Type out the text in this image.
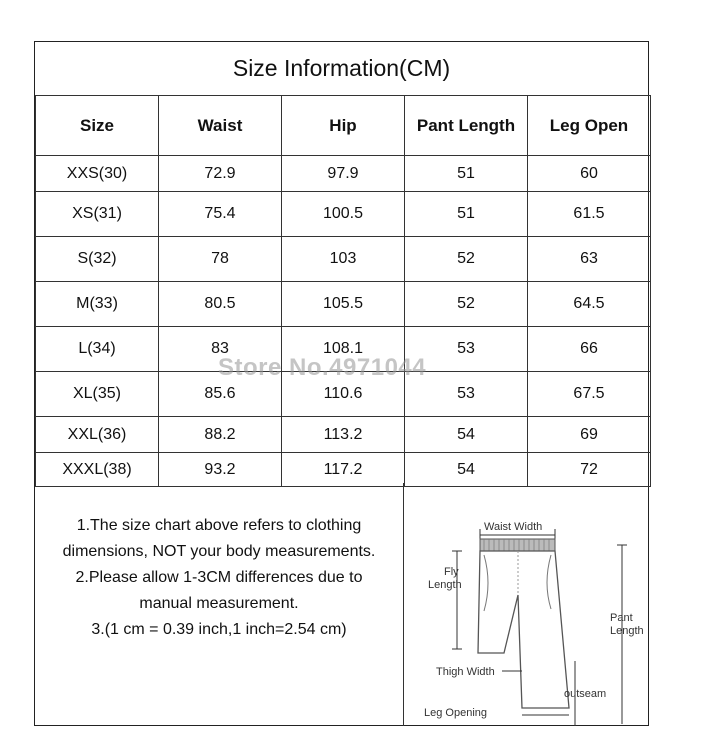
Size Information(CM)
Size	Waist	Hip	Pant Length	Leg Open
XXS(30)	72.9	97.9	51	60
XS(31)	75.4	100.5	51	61.5
S(32)	78	103	52	63
M(33)	80.5	105.5	52	64.5
L(34)	83	108.1	53	66
XL(35)	85.6	110.6	53	67.5
XXL(36)	88.2	113.2	54	69
XXXL(38)	93.2	117.2	54	72
1.The size chart above refers to clothing
dimensions, NOT your body measurements.
2.Please allow 1-3CM differences due to
manual measurement.
3.(1 cm = 0.39 inch,1 inch=2.54 cm)
Waist Width
Fly
Length
Pant
Length
Thigh Width
outseam
Leg Opening
Store No.4971044
